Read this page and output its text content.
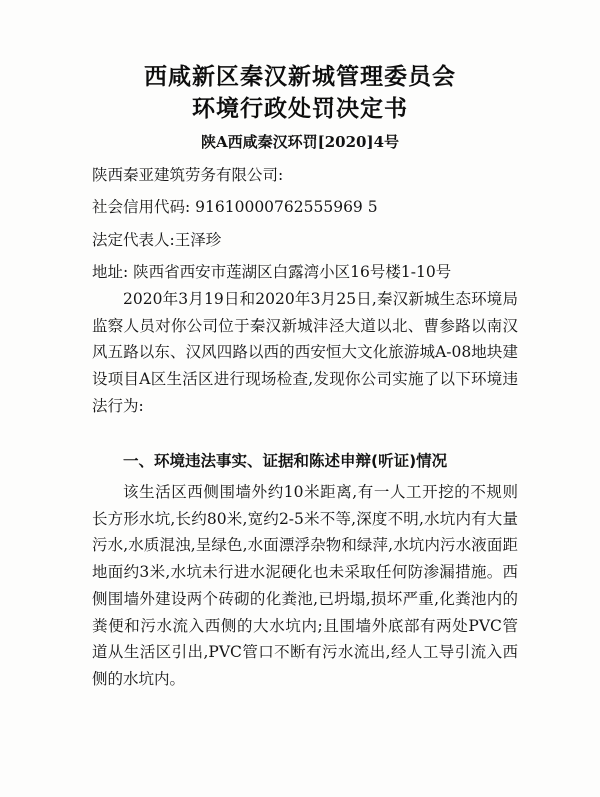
西咸新区秦汉新城管理委员会
环境行政处罚决定书
陕A西咸秦汉环罚[2020]4号
陕西秦亚建筑劳务有限公司:
社会信用代码: 91610000762555969 5
法定代表人:王泽珍
地址: 陕西省西安市莲湖区白露湾小区16号楼1-10号

2020年3月19日和2020年3月25日,秦汉新城生态环境局监察人员对你公司位于秦汉新城沣泾大道以北、曹参路以南汉风五路以东、汉风四路以西的西安恒大文化旅游城A-08地块建设项目A区生活区进行现场检查,发现你公司实施了以下环境违法行为:

一、环境违法事实、证据和陈述申辩(听证)情况

该生活区西侧围墙外约10米距离,有一人工开挖的不规则长方形水坑,长约80米,宽约2-5米不等,深度不明,水坑内有大量污水,水质混浊,呈绿色,水面漂浮杂物和绿萍,水坑内污水液面距地面约3米,水坑未行进水泥硬化也未采取任何防渗漏措施。西侧围墙外建设两个砖砌的化粪池,已坍塌,损坏严重,化粪池内的粪便和污水流入西侧的大水坑内;且围墙外底部有两处PVC管道从生活区引出,PVC管口不断有污水流出,经人工导引流入西侧的水坑内。
